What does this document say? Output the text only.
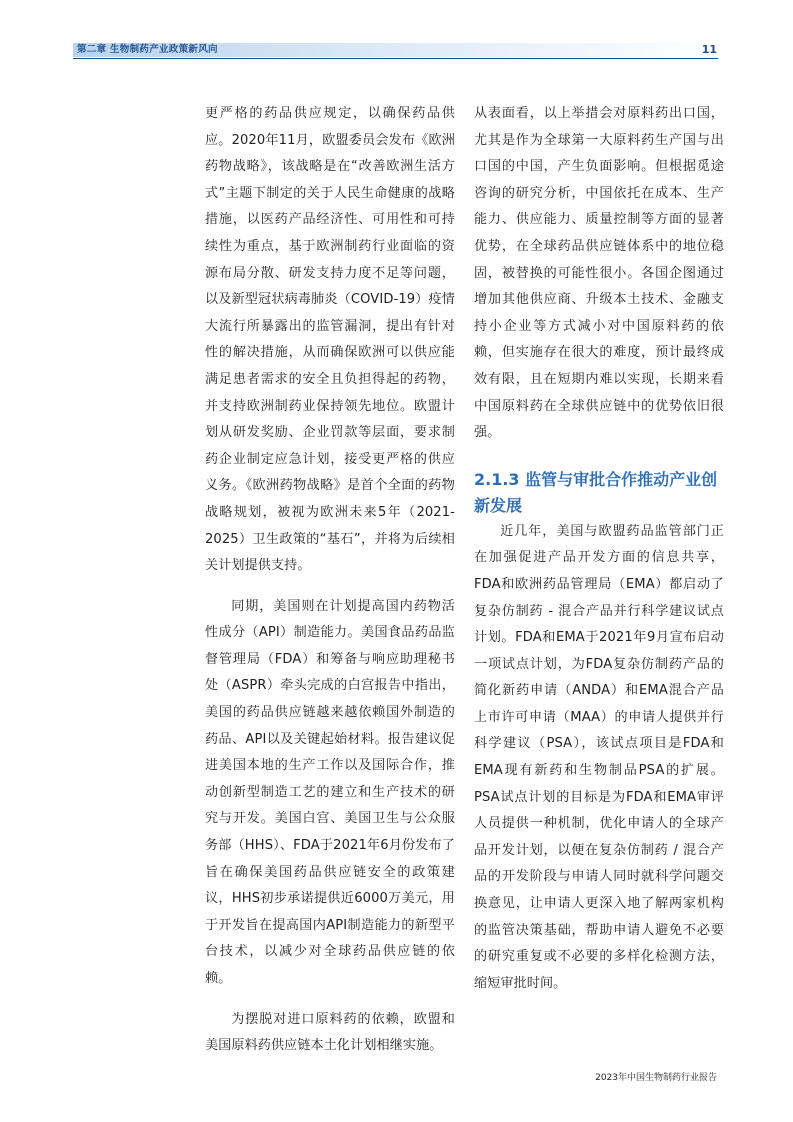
第二章 生物制药产业政策新风向	11

更严格的药品供应规定，以确保药品供应。2020年11月，欧盟委员会发布《欧洲药物战略》，该战略是在“改善欧洲生活方式”主题下制定的关于人民生命健康的战略措施，以医药产品经济性、可用性和可持续性为重点，基于欧洲制药行业面临的资源布局分散、研发支持力度不足等问题，以及新型冠状病毒肺炎（COVID-19）疫情大流行所暴露出的监管漏洞，提出有针对性的解决措施，从而确保欧洲可以供应能满足患者需求的安全且负担得起的药物，并支持欧洲制药业保持领先地位。欧盟计划从研发奖励、企业罚款等层面，要求制药企业制定应急计划，接受更严格的供应义务。《欧洲药物战略》是首个全面的药物战略规划，被视为欧洲未来5年（2021-2025）卫生政策的“基石”，并将为后续相关计划提供支持。

同期，美国则在计划提高国内药物活性成分（API）制造能力。美国食品药品监督管理局（FDA）和筹备与响应助理秘书处（ASPR）牵头完成的白宫报告中指出，美国的药品供应链越来越依赖国外制造的药品、API以及关键起始材料。报告建议促进美国本地的生产工作以及国际合作，推动创新型制造工艺的建立和生产技术的研究与开发。美国白宫、美国卫生与公众服务部（HHS）、FDA于2021年6月份发布了旨在确保美国药品供应链安全的政策建议，HHS初步承诺提供近6000万美元，用于开发旨在提高国内API制造能力的新型平台技术，以减少对全球药品供应链的依赖。

为摆脱对进口原料药的依赖，欧盟和美国原料药供应链本土化计划相继实施。

从表面看，以上举措会对原料药出口国，尤其是作为全球第一大原料药生产国与出口国的中国，产生负面影响。但根据觅途咨询的研究分析，中国依托在成本、生产能力、供应能力、质量控制等方面的显著优势，在全球药品供应链体系中的地位稳固，被替换的可能性很小。各国企图通过增加其他供应商、升级本土技术、金融支持小企业等方式减小对中国原料药的依赖，但实施存在很大的难度，预计最终成效有限，且在短期内难以实现，长期来看中国原料药在全球供应链中的优势依旧很强。

2.1.3 监管与审批合作推动产业创新发展

近几年，美国与欧盟药品监管部门正在加强促进产品开发方面的信息共享，FDA和欧洲药品管理局（EMA）都启动了复杂仿制药 - 混合产品并行科学建议试点计划。FDA和EMA于2021年9月宣布启动一项试点计划，为FDA复杂仿制药产品的简化新药申请（ANDA）和EMA混合产品上市许可申请（MAA）的申请人提供并行科学建议（PSA），该试点项目是FDA和EMA现有新药和生物制品PSA的扩展。PSA试点计划的目标是为FDA和EMA审评人员提供一种机制，优化申请人的全球产品开发计划，以便在复杂仿制药 / 混合产品的开发阶段与申请人同时就科学问题交换意见，让申请人更深入地了解两家机构的监管决策基础，帮助申请人避免不必要的研究重复或不必要的多样化检测方法，缩短审批时间。

2023年中国生物制药行业报告
